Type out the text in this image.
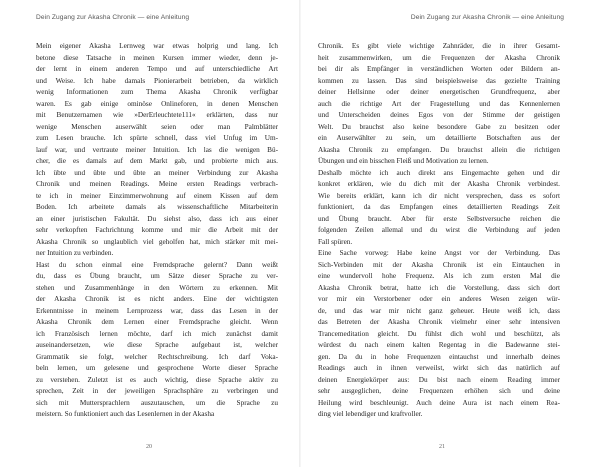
Dein Zugang zur Akasha Chronik — eine Anleitung
Mein eigener Akasha Lernweg war etwas holprig und lang. Ich
betone diese Tatsache in meinen Kursen immer wieder, denn je-
der lernt in einem anderen Tempo und auf unterschiedliche Art
und Weise. Ich habe damals Pionierarbeit betrieben, da wirklich
wenig Informationen zum Thema Akasha Chronik verfügbar
waren. Es gab einige ominöse Onlineforen, in denen Menschen
mit Benutzernamen wie »DerErleuchtete111« erklärten, dass nur
wenige Menschen auserwählt seien oder man Palmblätter
zum Lesen brauche. Ich spürte schnell, dass viel Unfug im Um-
lauf war, und vertraute meiner Intuition. Ich las die wenigen Bü-
cher, die es damals auf dem Markt gab, und probierte mich aus.
Ich übte und übte und übte an meiner Verbindung zur Akasha
Chronik und meinen Readings. Meine ersten Readings verbrach-
te ich in meiner Einzimmerwohnung auf einem Kissen auf dem
Boden. Ich arbeitete damals als wissenschaftliche Mitarbeiterin
an einer juristischen Fakultät. Du siehst also, dass ich aus einer
sehr verkopften Fachrichtung komme und mir die Arbeit mit der
Akasha Chronik so unglaublich viel geholfen hat, mich stärker mit mei-
ner Intuition zu verbinden.
Hast du schon einmal eine Fremdsprache gelernt? Dann weißt
du, dass es Übung braucht, um Sätze dieser Sprache zu ver-
stehen und Zusammenhänge in den Wörtern zu erkennen. Mit
der Akasha Chronik ist es nicht anders. Eine der wichtigsten
Erkenntnisse in meinem Lernprozess war, dass das Lesen in der
Akasha Chronik dem Lernen einer Fremdsprache gleicht. Wenn
ich Französisch lernen möchte, darf ich mich zunächst damit
auseinandersetzen, wie diese Sprache aufgebaut ist, welcher
Grammatik sie folgt, welcher Rechtschreibung. Ich darf Voka-
beln lernen, um gelesene und gesprochene Worte dieser Sprache
zu verstehen. Zuletzt ist es auch wichtig, diese Sprache aktiv zu
sprechen, Zeit in der jeweiligen Sprachsphäre zu verbringen und
sich mit Muttersprachlern auszutauschen, um die Sprache zu
meistern. So funktioniert auch das Lesenlernen in der Akasha
20
Dein Zugang zur Akasha Chronik — eine Anleitung
Chronik. Es gibt viele wichtige Zahnräder, die in ihrer Gesamt-
heit zusammenwirken, um die Frequenzen der Akasha Chronik
bei dir als Empfänger in verständlichen Worten oder Bildern an-
kommen zu lassen. Das sind beispielsweise das gezielte Training
deiner Hellsinne oder deiner energetischen Grundfrequenz, aber
auch die richtige Art der Fragestellung und das Kennenlernen
und Unterscheiden deines Egos von der Stimme der geistigen
Welt. Du brauchst also keine besondere Gabe zu besitzen oder
ein Auserwählter zu sein, um detaillierte Botschaften aus der
Akasha Chronik zu empfangen. Du brauchst allein die richtigen
Übungen und ein bisschen Fleiß und Motivation zu lernen.
Deshalb möchte ich auch direkt ans Eingemachte gehen und dir
konkret erklären, wie du dich mit der Akasha Chronik verbindest.
Wie bereits erklärt, kann ich dir nicht versprechen, dass es sofort
funktioniert, da das Empfangen eines detaillierten Readings Zeit
und Übung braucht. Aber für erste Selbstversuche reichen die
folgenden Zeilen allemal und du wirst die Verbindung auf jeden
Fall spüren.
Eine Sache vorweg: Habe keine Angst vor der Verbindung. Das
Sich-Verbinden mit der Akasha Chronik ist ein Eintauchen in
eine wundervoll hohe Frequenz. Als ich zum ersten Mal die
Akasha Chronik betrat, hatte ich die Vorstellung, dass sich dort
vor mir ein Verstorbener oder ein anderes Wesen zeigen wür-
de, und das war mir nicht ganz geheuer. Heute weiß ich, dass
das Betreten der Akasha Chronik vielmehr einer sehr intensiven
Trancemeditation gleicht. Du fühlst dich wohl und beschützt, als
würdest du nach einem kalten Regentag in die Badewanne stei-
gen. Da du in hohe Frequenzen eintauchst und innerhalb deines
Readings auch in ihnen verweilst, wirkt sich das natürlich auf
deinen Energiekörper aus: Du bist nach einem Reading immer
sehr ausgeglichen, deine Frequenzen erhöhen sich und deine
Heilung wird beschleunigt. Auch deine Aura ist nach einem Rea-
ding viel lebendiger und kraftvoller.
21
